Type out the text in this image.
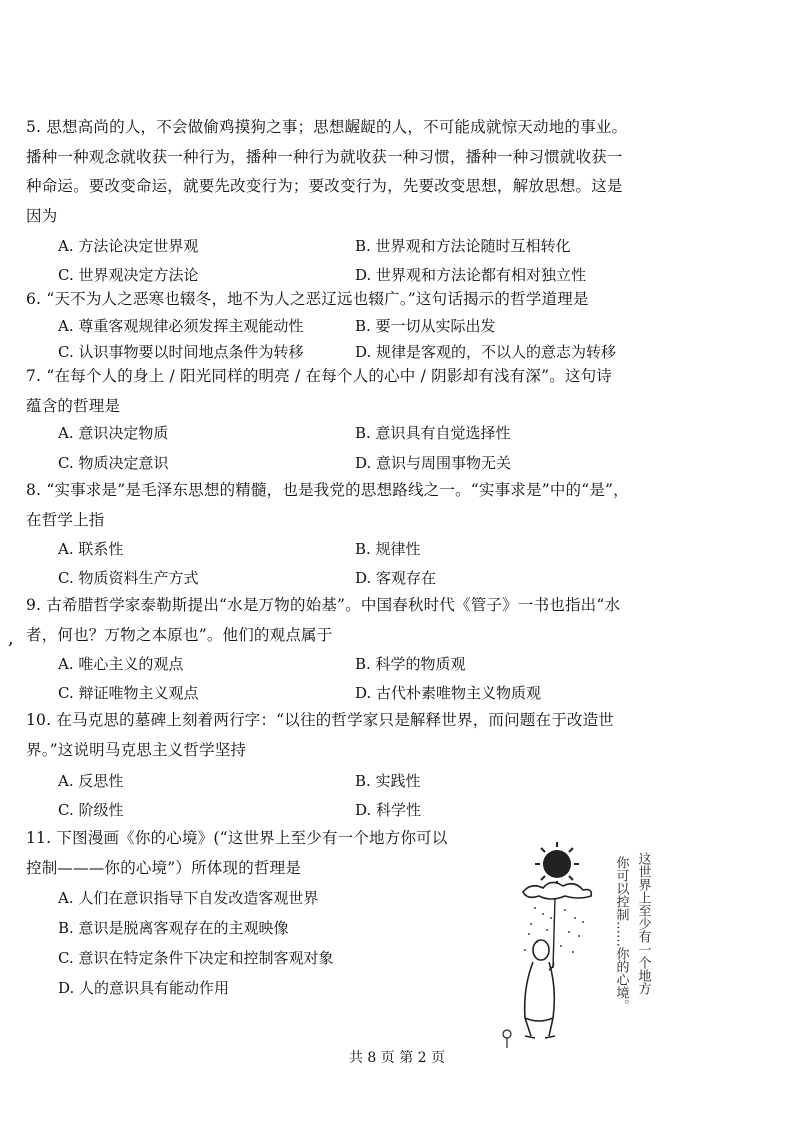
5. 思想高尚的人，不会做偷鸡摸狗之事；思想龌龊的人，不可能成就惊天动地的事业。

播种一种观念就收获一种行为，播种一种行为就收获一种习惯，播种一种习惯就收获一

种命运。要改变命运，就要先改变行为；要改变行为，先要改变思想，解放思想。这是

因为

A. 方法论决定世界观	B. 世界观和方法论随时互相转化
C. 世界观决定方法论	D. 世界观和方法论都有相对独立性

6. “天不为人之恶寒也辍冬，地不为人之恶辽远也辍广。”这句话揭示的哲学道理是

A. 尊重客观规律必须发挥主观能动性	B. 要一切从实际出发
C. 认识事物要以时间地点条件为转移	D. 规律是客观的，不以人的意志为转移

7. “在每个人的身上 / 阳光同样的明亮 / 在每个人的心中 / 阴影却有浅有深”。这句诗

蕴含的哲理是

A. 意识决定物质	B. 意识具有自觉选择性
C. 物质决定意识	D. 意识与周围事物无关

8. “实事求是”是毛泽东思想的精髓，也是我党的思想路线之一。“实事求是”中的“是”，

在哲学上指

A. 联系性	B. 规律性
C. 物质资料生产方式	D. 客观存在

9. 古希腊哲学家泰勒斯提出“水是万物的始基”。中国春秋时代《管子》一书也指出“水

者，何也？万物之本原也”。他们的观点属于

,
A. 唯心主义的观点	B. 科学的物质观
C. 辩证唯物主义观点	D. 古代朴素唯物主义物质观

10. 在马克思的墓碑上刻着两行字：“以往的哲学家只是解释世界，而问题在于改造世

界。”这说明马克思主义哲学坚持

A. 反思性	B. 实践性
C. 阶级性	D. 科学性

11. 下图漫画《你的心境》(“这世界上至少有一个地方你可以

控制———你的心境”）所体现的哲理是

A. 人们在意识指导下自发改造客观世界
B. 意识是脱离客观存在的主观映像
C. 意识在特定条件下决定和控制客观对象
D. 人的意识具有能动作用	这世界上至少有一个地方
你可以控制……你的心境。
共 8 页 第 2 页
